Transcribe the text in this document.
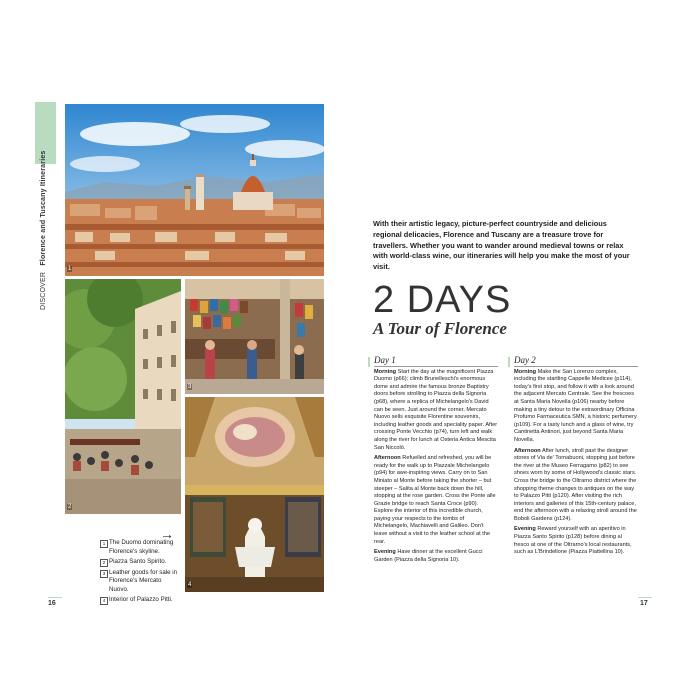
DISCOVER Florence and Tuscany Itineraries
1
2
3
4
→
1 The Duomo dominating Florence's skyline.
2 Piazza Santo Spirito.
3 Leather goods for sale in Florence's Mercato Nuovo.
4 Interior of Palazzo Pitti.
16
With their artistic legacy, picture-perfect countryside and delicious regional delicacies, Florence and Tuscany are a treasure trove for travellers. Whether you want to wander around medieval towns or relax with world-class wine, our itineraries will help you make the most of your visit.
2 DAYS
A Tour of Florence
Day 1

Morning Start the day at the magnificent Piazza Duomo (p66); climb Brunelleschi's enormous dome and admire the famous bronze Baptistry doors before strolling to Piazza della Signoria (p68), where a replica of Michelangelo's David can be seen. Just around the corner, Mercato Nuovo sells exquisite Florentine souvenirs, including leather goods and speciality paper. After crossing Ponte Vecchio (p74), turn left and walk along the river for lunch at Osteria Antica Mescita San Niccolò.

Afternoon Refuelled and refreshed, you will be ready for the walk up to Piazzale Michelangelo (p94) for awe-inspiring views. Carry on to San Miniato al Monte before taking the shorter – but steeper – Salita al Monte back down the hill, stopping at the rose garden. Cross the Ponte alle Grazie bridge to reach Santa Croce (p90). Explore the interior of this incredible church, paying your respects to the tombs of Michelangelo, Machiavelli and Galileo. Don't leave without a visit to the leather school at the rear.

Evening Have dinner at the excellent Gucci Garden (Piazza della Signoria 10).

Day 2

Morning Make the San Lorenzo complex, including the startling Cappelle Medicee (p114), today's first stop, and follow it with a look around the adjacent Mercato Centrale. See the frescoes at Santa Maria Novella (p106) nearby before making a tiny detour to the extraordinary Officina Profumo Farmaceutica SMN, a historic perfumery (p109). For a tasty lunch and a glass of wine, try Cantinetta Antinori, just beyond Santa Maria Novella.

Afternoon After lunch, stroll past the designer stores of Via de' Tornabuoni, stopping just before the river at the Museo Ferragamo (p82) to see shoes worn by some of Hollywood's classic stars. Cross the bridge to the Oltrarno district where the shopping theme changes to antiques on the way to Palazzo Pitti (p120). After visiting the rich interiors and galleries of this 15th-century palace, end the afternoon with a relaxing stroll around the Boboli Gardens (p124).

Evening Reward yourself with an aperitivo in Piazza Santo Spirito (p128) before dining al fresco at one of the Oltrarno's local restaurants, such as L'Brindellone (Piazza Piattellina 10).

17
